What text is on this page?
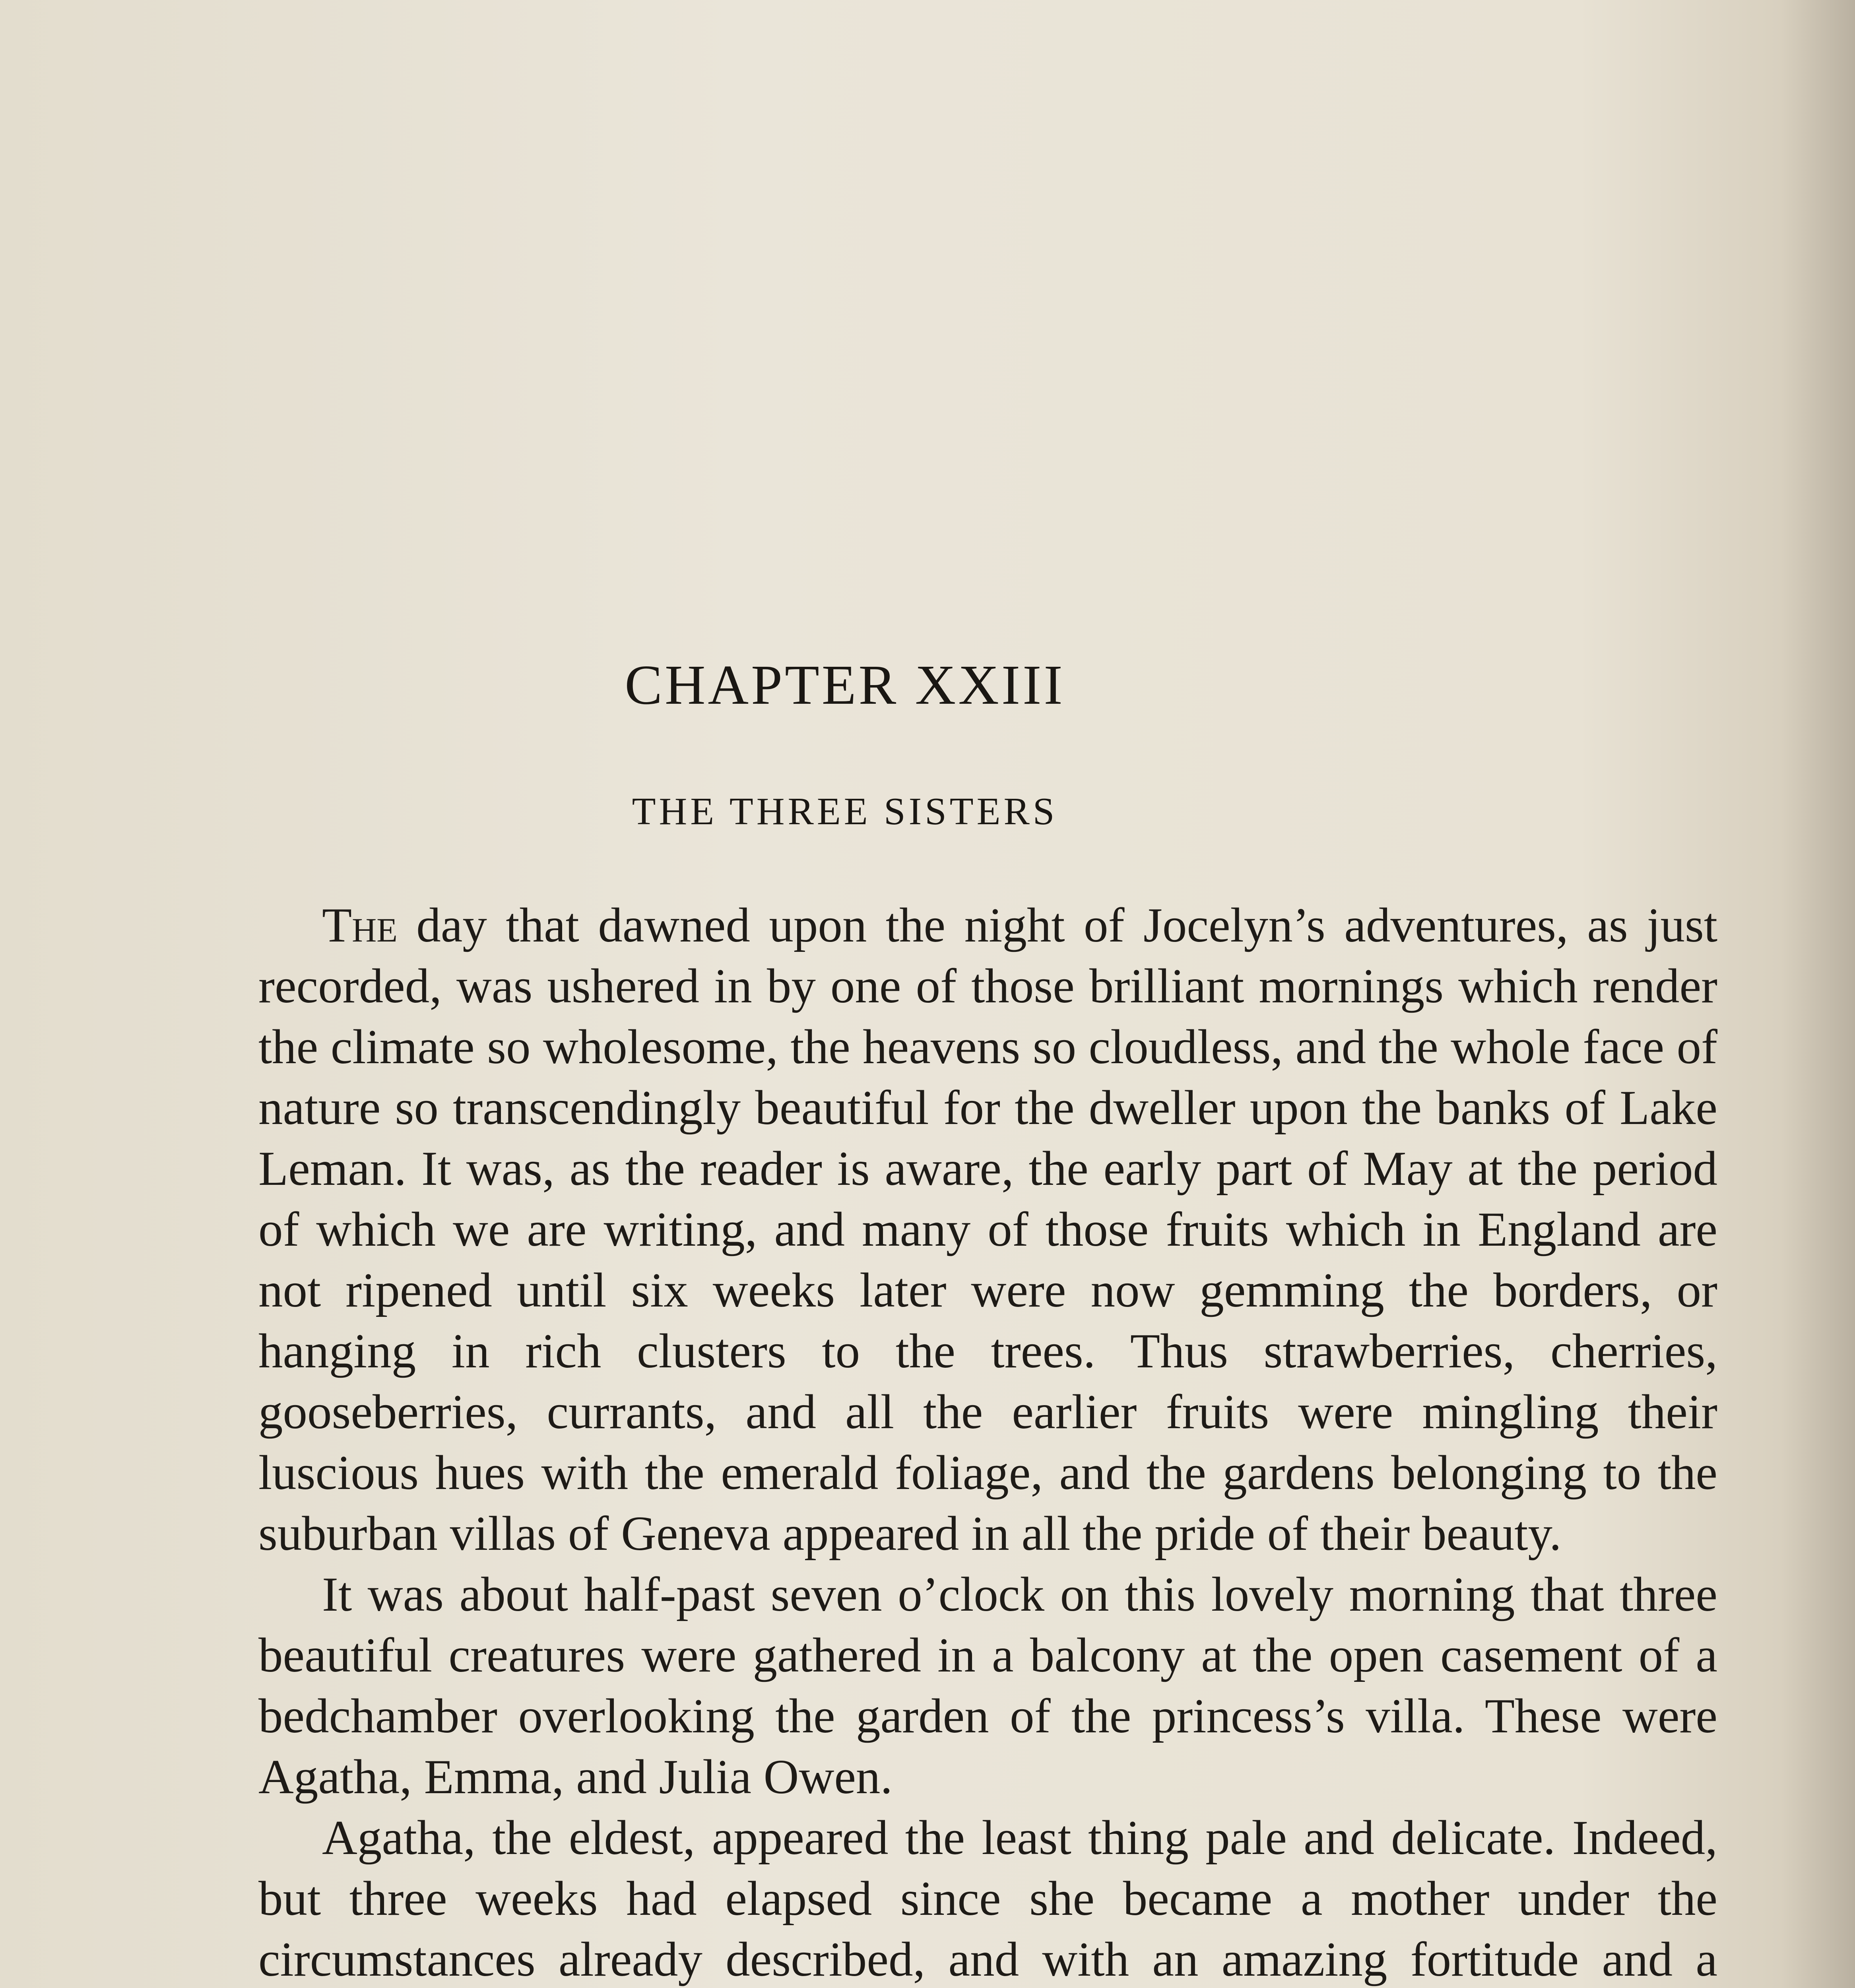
CHAPTER XXIII
THE THREE SISTERS

The day that dawned upon the night of Jocelyn’s adventures, as just recorded, was ushered in by one of those brilliant mornings which render the climate so wholesome, the heavens so cloudless, and the whole face of nature so transcendingly beautiful for the dweller upon the banks of Lake Leman. It was, as the reader is aware, the early part of May at the period of which we are writing, and many of those fruits which in England are not ripened until six weeks later were now gemming the borders, or hanging in rich clusters to the trees. Thus strawberries, cherries, gooseberries, currants, and all the earlier fruits were mingling their luscious hues with the emerald foliage, and the gardens belonging to the suburban villas of Geneva appeared in all the pride of their beauty.

It was about half-past seven o’clock on this lovely morning that three beautiful creatures were gathered in a balcony at the open casement of a bedchamber overlooking the garden of the princess’s villa. These were Agatha, Emma, and Julia Owen.

Agatha, the eldest, appeared the least thing pale and delicate. Indeed, but three weeks had elapsed since she became a mother under the circumstances already described, and with an amazing fortitude and a
